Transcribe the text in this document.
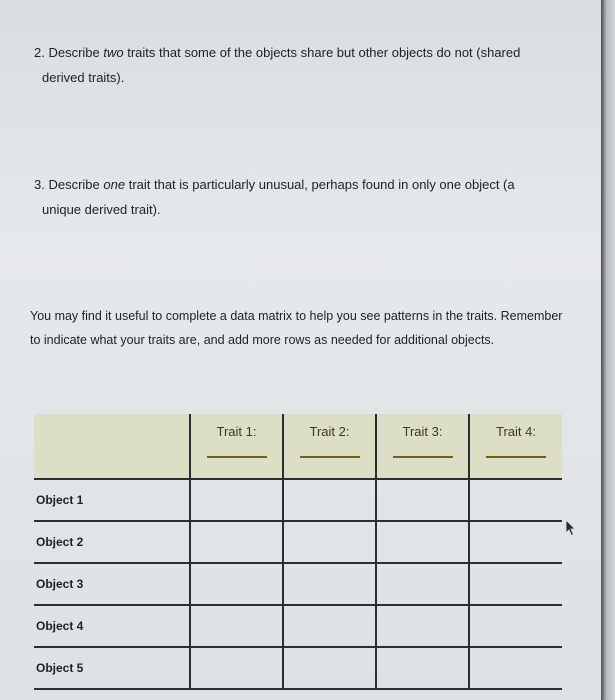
2. Describe two traits that some of the objects share but other objects do not (shared
derived traits).
3. Describe one trait that is particularly unusual, perhaps found in only one object (a
unique derived trait).
You may find it useful to complete a data matrix to help you see patterns in the traits. Remember to indicate what your traits are, and add more rows as needed for additional objects.
	Trait 1:	Trait 2:	Trait 3:	Trait 4:

Object 1				
Object 2				
Object 3				
Object 4				
Object 5				
